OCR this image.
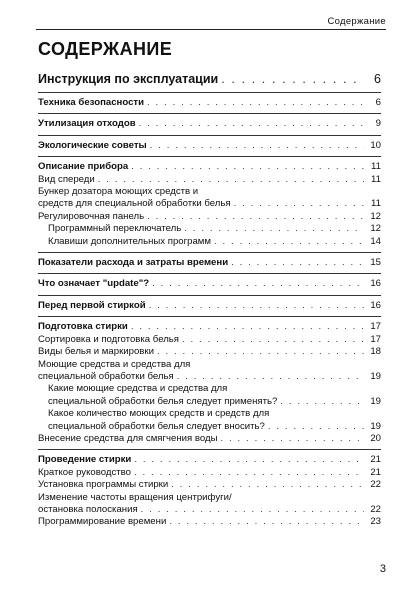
Содержание
СОДЕРЖАНИЕ
Инструкция по эксплуатации . . .	6
Техника безопасности . . .	6
Утилизация отходов . . .	9
Экологические советы . . .	10
Описание прибора . . .	11
Вид спереди . . .	11
Бункер дозатора моющих средств и
средств для специальной обработки белья . . .	11
Регулировочная панель . . .	12
Программный переключатель . . .	12
Клавиши дополнительных программ . . .	14
Показатели расхода и затраты времени . . .	15
Что означает "update"? . . .	16
Перед первой стиркой . . .	16
Подготовка стирки . . .	17
Сортировка и подготовка белья . . .	17
Виды белья и маркировки . . .	18
Моющие средства и средства для
специальной обработки белья . . .	19
Какие моющие средства и средства для
специальной обработки белья следует применять? . . .	19
Какое количество моющих средств и средств для
специальной обработки белья следует вносить? . . .	19
Внесение средства для смягчения воды . . .	20
Проведение стирки . . .	21
Краткое руководство . . .	21
Установка программы стирки . . .	22
Изменение частоты вращения центрифуги/
остановка полоскания . . .	22
Программирование времени . . .	23
3
